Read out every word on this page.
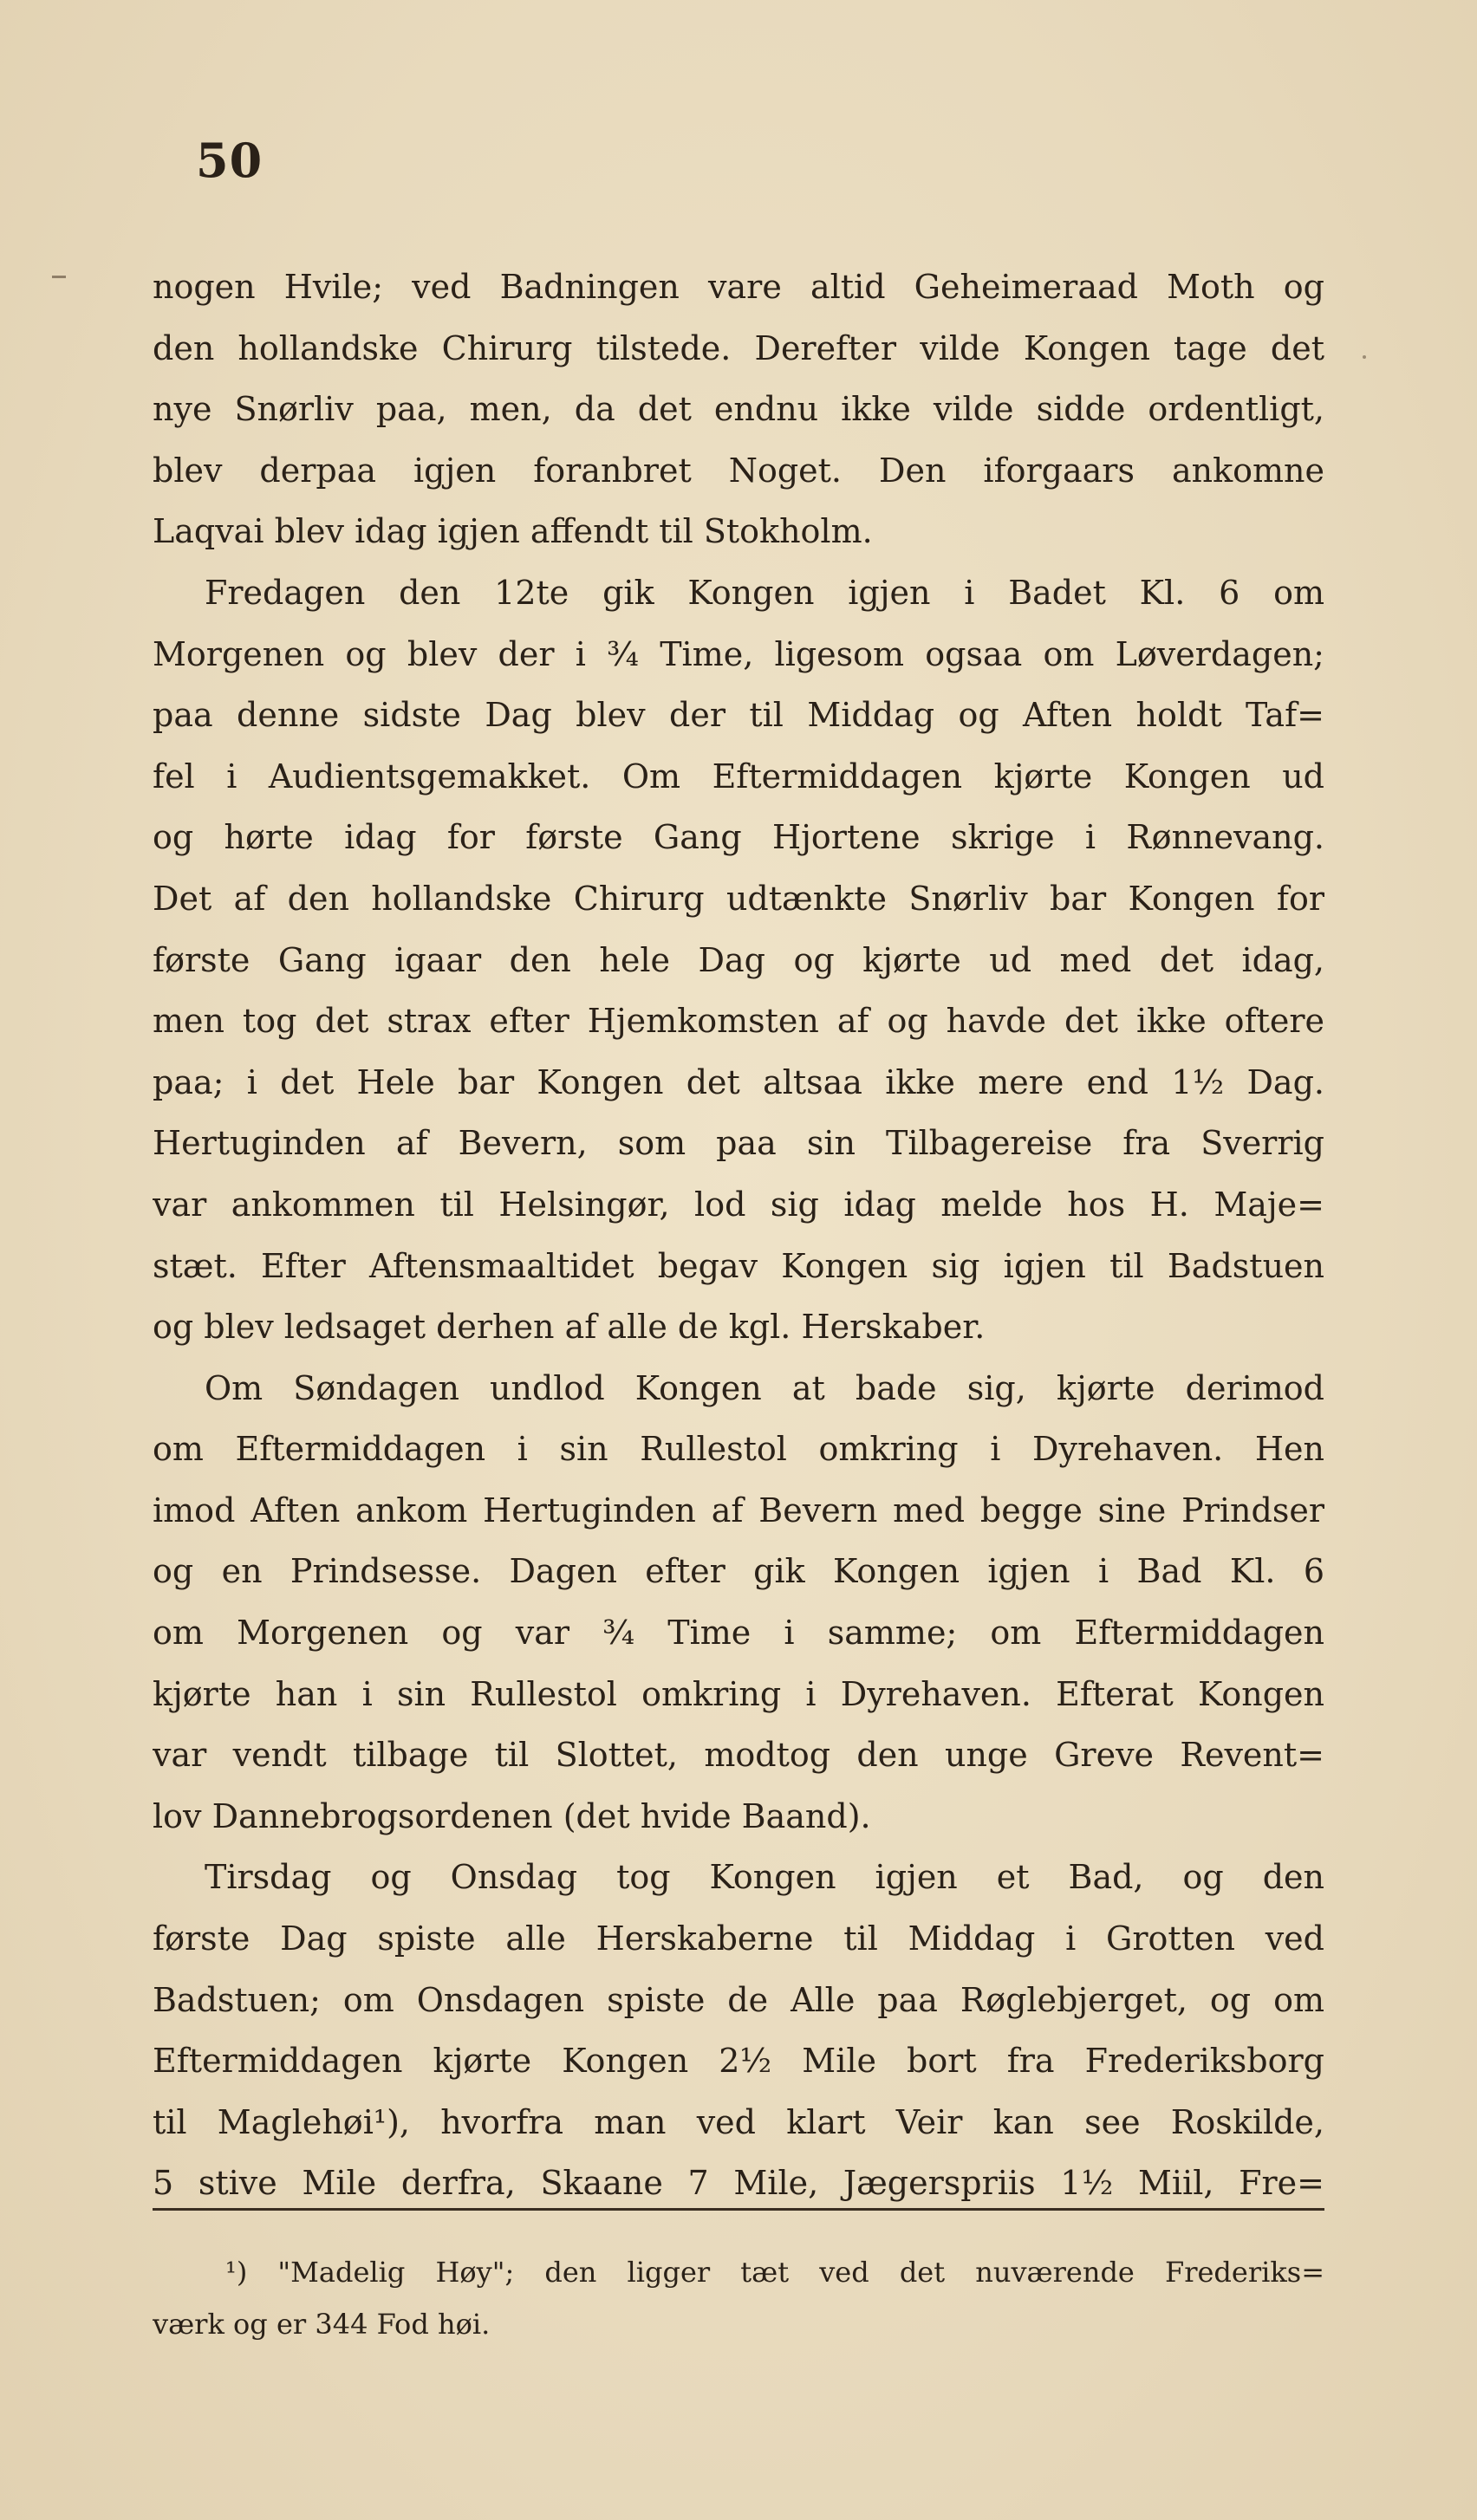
50
nogen Hvile; ved Badningen vare altid Geheimeraad Moth og
den hollandske Chirurg tilstede. Derefter vilde Kongen tage det
nye Snørliv paa, men, da det endnu ikke vilde sidde ordentligt,
blev derpaa igjen foranbret Noget. Den iforgaars ankomne
Laqvai blev idag igjen affendt til Stokholm.
Fredagen den 12te gik Kongen igjen i Badet Kl. 6 om
Morgenen og blev der i ¾ Time, ligesom ogsaa om Løverdagen;
paa denne sidste Dag blev der til Middag og Aften holdt Taf=
fel i Audientsgemakket. Om Eftermiddagen kjørte Kongen ud
og hørte idag for første Gang Hjortene skrige i Rønnevang.
Det af den hollandske Chirurg udtænkte Snørliv bar Kongen for
første Gang igaar den hele Dag og kjørte ud med det idag,
men tog det strax efter Hjemkomsten af og havde det ikke oftere
paa; i det Hele bar Kongen det altsaa ikke mere end 1½ Dag.
Hertuginden af Bevern, som paa sin Tilbagereise fra Sverrig
var ankommen til Helsingør, lod sig idag melde hos H. Maje=
stæt. Efter Aftensmaaltidet begav Kongen sig igjen til Badstuen
og blev ledsaget derhen af alle de kgl. Herskaber.
Om Søndagen undlod Kongen at bade sig, kjørte derimod
om Eftermiddagen i sin Rullestol omkring i Dyrehaven. Hen
imod Aften ankom Hertuginden af Bevern med begge sine Prindser
og en Prindsesse. Dagen efter gik Kongen igjen i Bad Kl. 6
om Morgenen og var ¾ Time i samme; om Eftermiddagen
kjørte han i sin Rullestol omkring i Dyrehaven. Efterat Kongen
var vendt tilbage til Slottet, modtog den unge Greve Revent=
lov Dannebrogsordenen (det hvide Baand).
Tirsdag og Onsdag tog Kongen igjen et Bad, og den
første Dag spiste alle Herskaberne til Middag i Grotten ved
Badstuen; om Onsdagen spiste de Alle paa Røglebjerget, og om
Eftermiddagen kjørte Kongen 2½ Mile bort fra Frederiksborg
til Maglehøi¹), hvorfra man ved klart Veir kan see Roskilde,
5 stive Mile derfra, Skaane 7 Mile, Jægerspriis 1½ Miil, Fre=
¹) "Madelig Høy"; den ligger tæt ved det nuværende Frederiks=
værk og er 344 Fod høi.
